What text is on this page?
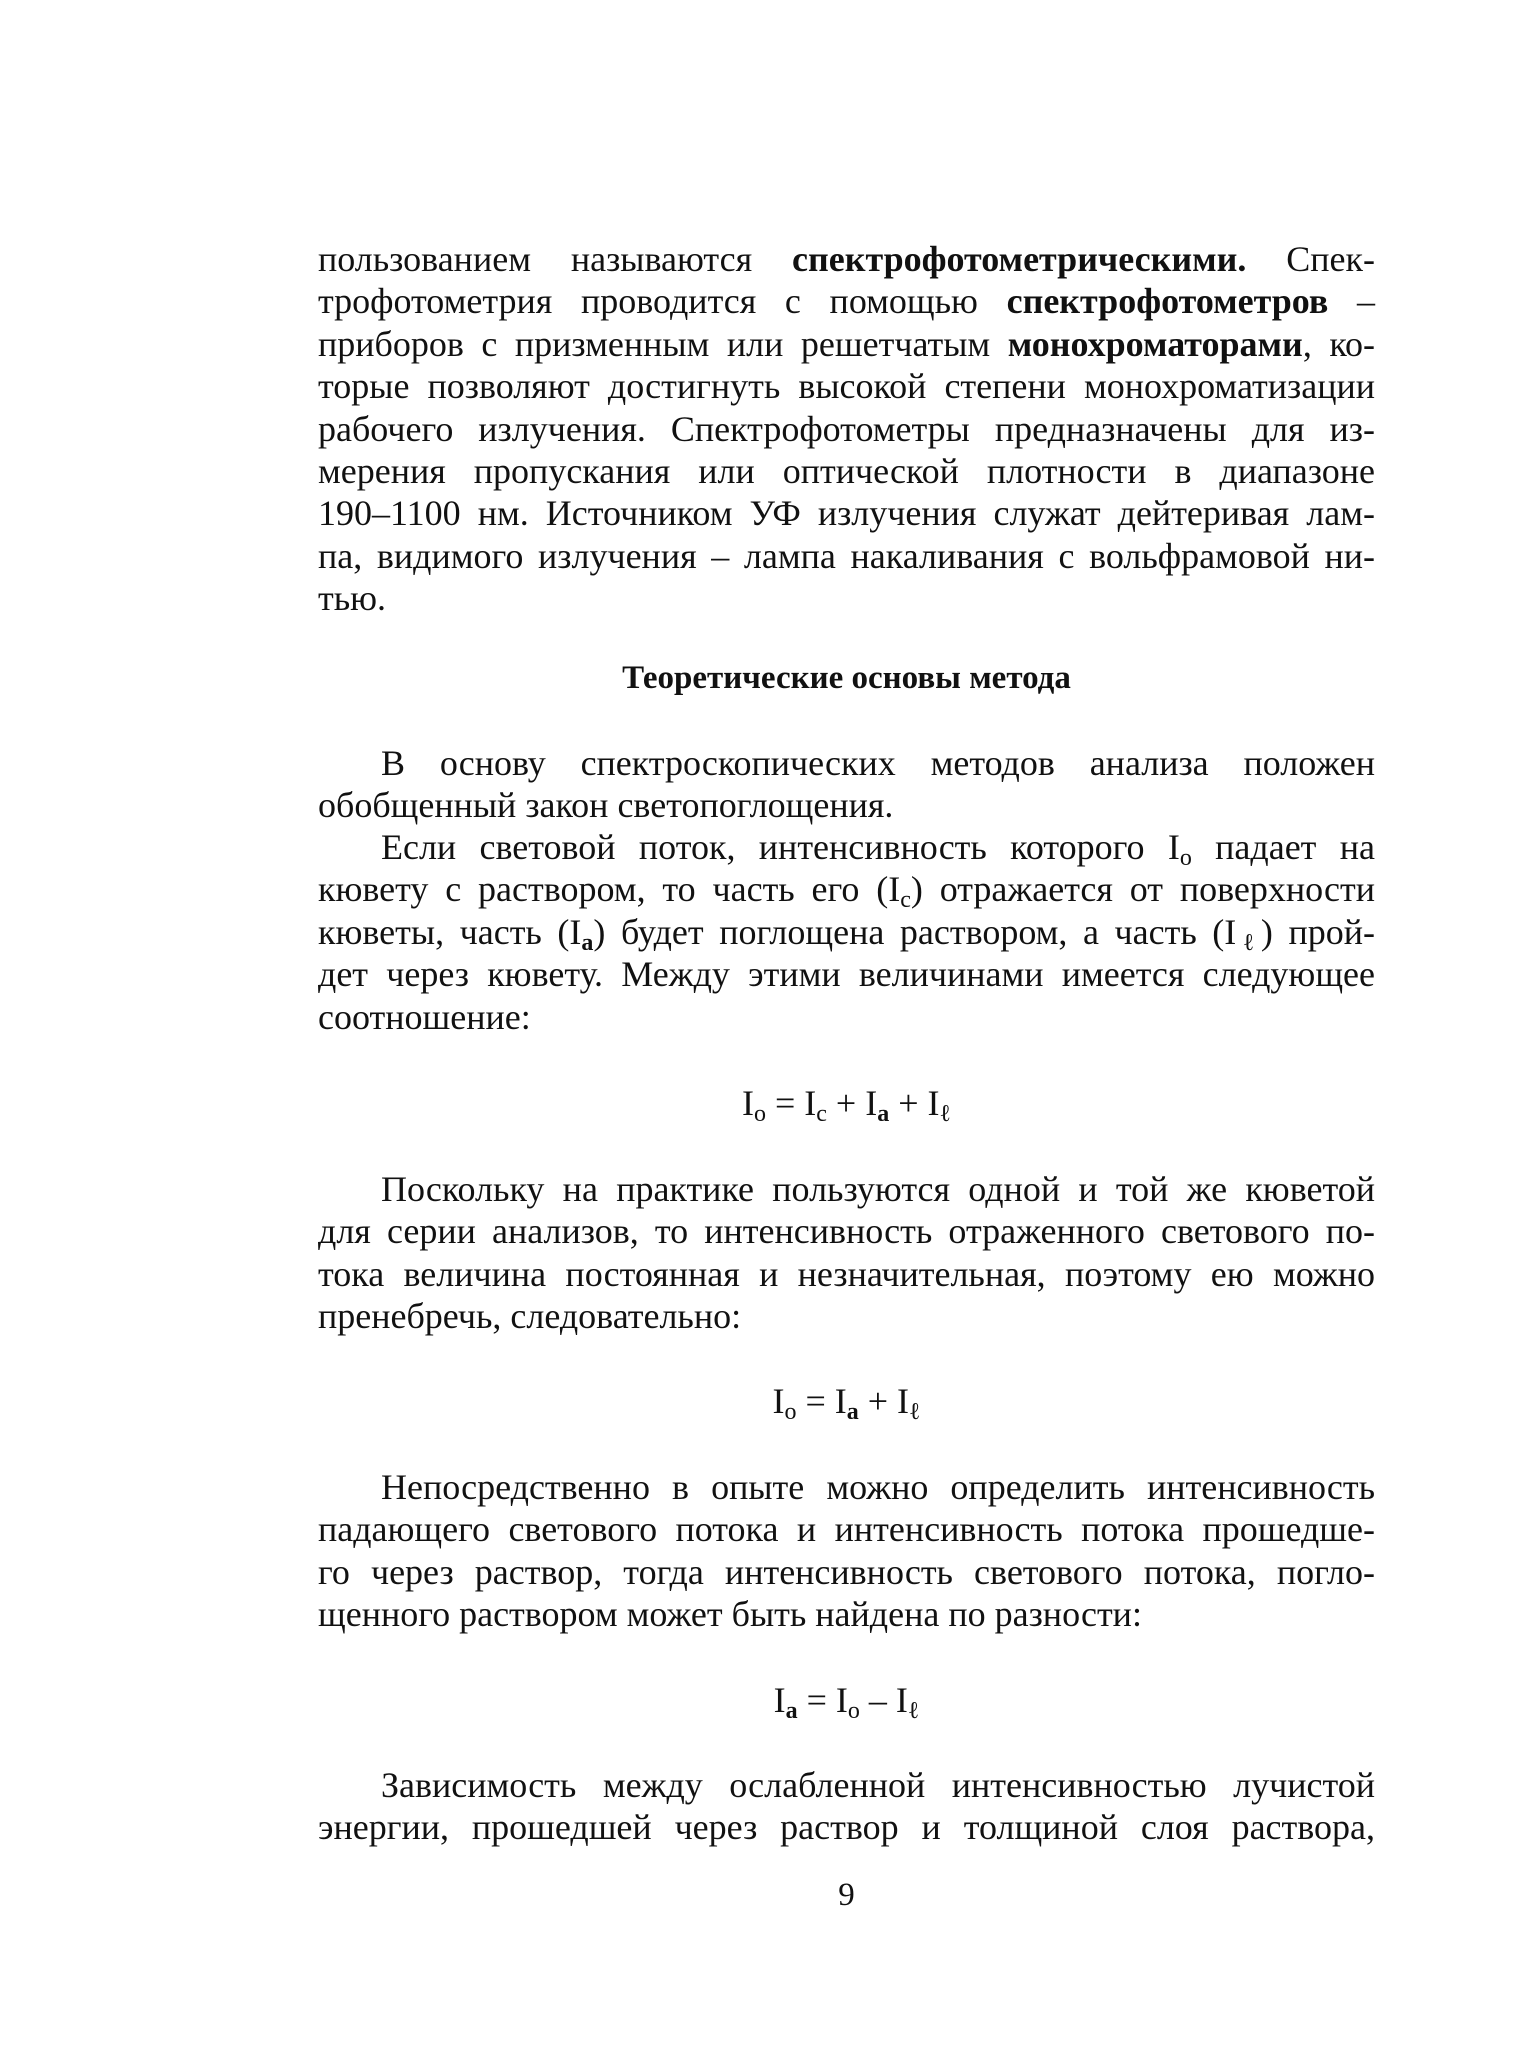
пользованием называются спектрофотометрическими. Спек-
трофотометрия проводится с помощью спектрофотометров –
приборов с призменным или решетчатым монохроматорами, ко-
торые позволяют достигнуть высокой степени монохроматизации
рабочего излучения. Спектрофотометры предназначены для из-
мерения пропускания или оптической плотности в диапазоне
190–1100 нм. Источником УФ излучения служат дейтеривая лам-
па, видимого излучения – лампа накаливания с вольфрамовой ни-
тью.
Теоретические основы метода
В основу спектроскопических методов анализа положен
обобщенный закон светопоглощения.
Если световой поток, интенсивность которого $I_o$ падает на
кювету с раствором, то часть его $(I_c)$ отражается от поверхности
кюветы, часть $(I_a)$ будет поглощена раствором, а часть $(I_\ell)$ прой-
дет через кювету. Между этими величинами имеется следующее
соотношение:
$I_o = I_c + I_a + I_\ell$
Поскольку на практике пользуются одной и той же кюветой
для серии анализов, то интенсивность отраженного светового по-
тока величина постоянная и незначительная, поэтому ею можно
пренебречь, следовательно:
$I_o = I_a + I_\ell$
Непосредственно в опыте можно определить интенсивность
падающего светового потока и интенсивность потока прошедше-
го через раствор, тогда интенсивность светового потока, погло-
щенного раствором может быть найдена по разности:
$I_a = I_o - I_\ell$
Зависимость между ослабленной интенсивностью лучистой
энергии, прошедшей через раствор и толщиной слоя раствора,
9
